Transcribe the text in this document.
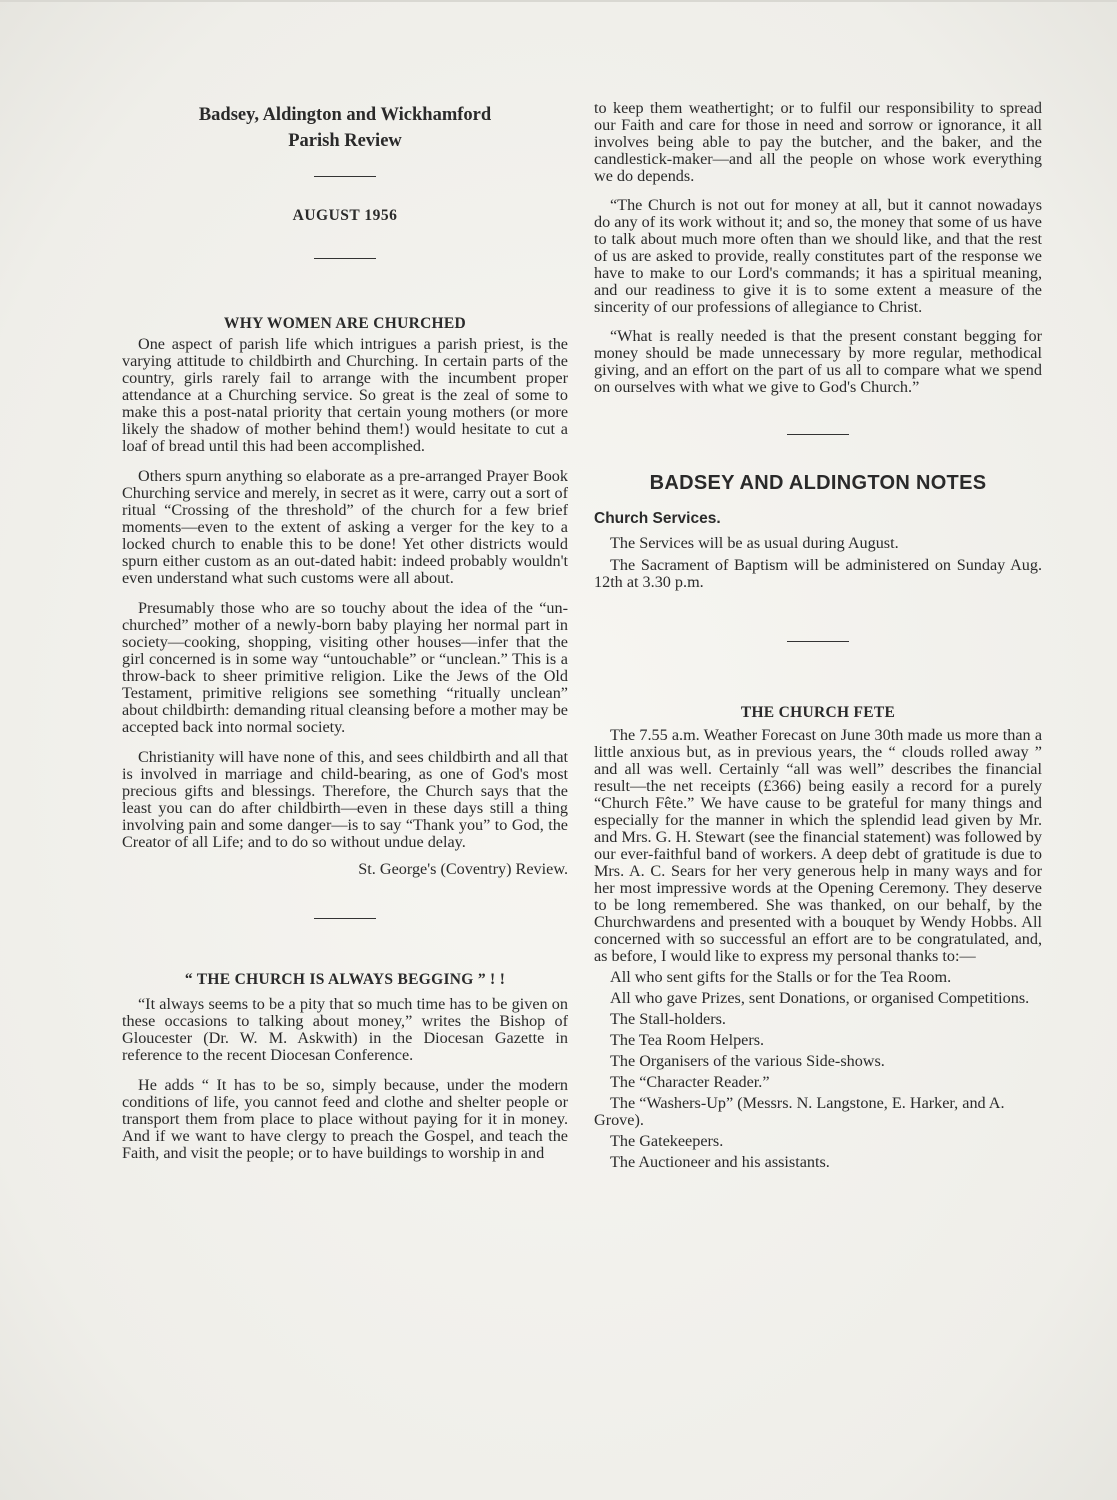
Badsey, Aldington and Wickhamford
Parish Review
AUGUST 1956
WHY WOMEN ARE CHURCHED

One aspect of parish life which intrigues a parish priest, is the varying attitude to childbirth and Churching. In certain parts of the country, girls rarely fail to arrange with the incumbent proper attendance at a Churching service. So great is the zeal of some to make this a post-natal priority that certain young mothers (or more likely the shadow of mother behind them!) would hesitate to cut a loaf of bread until this had been accomplished.

Others spurn anything so elaborate as a pre-arranged Prayer Book Churching service and merely, in secret as it were, carry out a sort of ritual “Crossing of the threshold” of the church for a few brief moments—even to the extent of asking a verger for the key to a locked church to enable this to be done! Yet other districts would spurn either custom as an out-dated habit: indeed probably wouldn't even understand what such customs were all about.

Presumably those who are so touchy about the idea of the “un-churched” mother of a newly-born baby playing her normal part in society—cooking, shopping, visiting other houses—infer that the girl concerned is in some way “untouchable” or “unclean.” This is a throw-back to sheer primitive religion. Like the Jews of the Old Testament, primitive religions see something “ritually unclean” about childbirth: demanding ritual cleansing before a mother may be accepted back into normal society.

Christianity will have none of this, and sees childbirth and all that is involved in marriage and child-bearing, as one of God's most precious gifts and blessings. Therefore, the Church says that the least you can do after childbirth—even in these days still a thing involving pain and some danger—is to say “Thank you” to God, the Creator of all Life; and to do so without undue delay.

St. George's (Coventry) Review.

“ THE CHURCH IS ALWAYS BEGGING ” ! !

“It always seems to be a pity that so much time has to be given on these occasions to talking about money,” writes the Bishop of Gloucester (Dr. W. M. Askwith) in the Diocesan Gazette in reference to the recent Diocesan Conference.

He adds “ It has to be so, simply because, under the modern conditions of life, you cannot feed and clothe and shelter people or transport them from place to place without paying for it in money. And if we want to have clergy to preach the Gospel, and teach the Faith, and visit the people; or to have buildings to worship in and

to keep them weathertight; or to fulfil our responsibility to spread our Faith and care for those in need and sorrow or ignorance, it all involves being able to pay the butcher, and the baker, and the candlestick-maker—and all the people on whose work everything we do depends.

“The Church is not out for money at all, but it cannot nowadays do any of its work without it; and so, the money that some of us have to talk about much more often than we should like, and that the rest of us are asked to provide, really constitutes part of the response we have to make to our Lord's commands; it has a spiritual meaning, and our readiness to give it is to some extent a measure of the sincerity of our professions of allegiance to Christ.

“What is really needed is that the present constant begging for money should be made unnecessary by more regular, methodical giving, and an effort on the part of us all to compare what we spend on ourselves with what we give to God's Church.”

BADSEY AND ALDINGTON NOTES
Church Services.

The Services will be as usual during August.

The Sacrament of Baptism will be administered on Sunday Aug. 12th at 3.30 p.m.

THE CHURCH FETE

The 7.55 a.m. Weather Forecast on June 30th made us more than a little anxious but, as in previous years, the “ clouds rolled away ” and all was well. Certainly “all was well” describes the financial result—the net receipts (£366) being easily a record for a purely “Church Fête.” We have cause to be grateful for many things and especially for the manner in which the splendid lead given by Mr. and Mrs. G. H. Stewart (see the financial statement) was followed by our ever-faithful band of workers. A deep debt of gratitude is due to Mrs. A. C. Sears for her very generous help in many ways and for her most impressive words at the Opening Ceremony. They deserve to be long remembered. She was thanked, on our behalf, by the Churchwardens and presented with a bouquet by Wendy Hobbs. All concerned with so successful an effort are to be congratulated, and, as before, I would like to express my personal thanks to:—

All who sent gifts for the Stalls or for the Tea Room.

All who gave Prizes, sent Donations, or organised Competitions.

The Stall-holders.

The Tea Room Helpers.

The Organisers of the various Side-shows.

The “Character Reader.”

The “Washers-Up” (Messrs. N. Langstone, E. Harker, and A. Grove).

The Gatekeepers.

The Auctioneer and his assistants.
